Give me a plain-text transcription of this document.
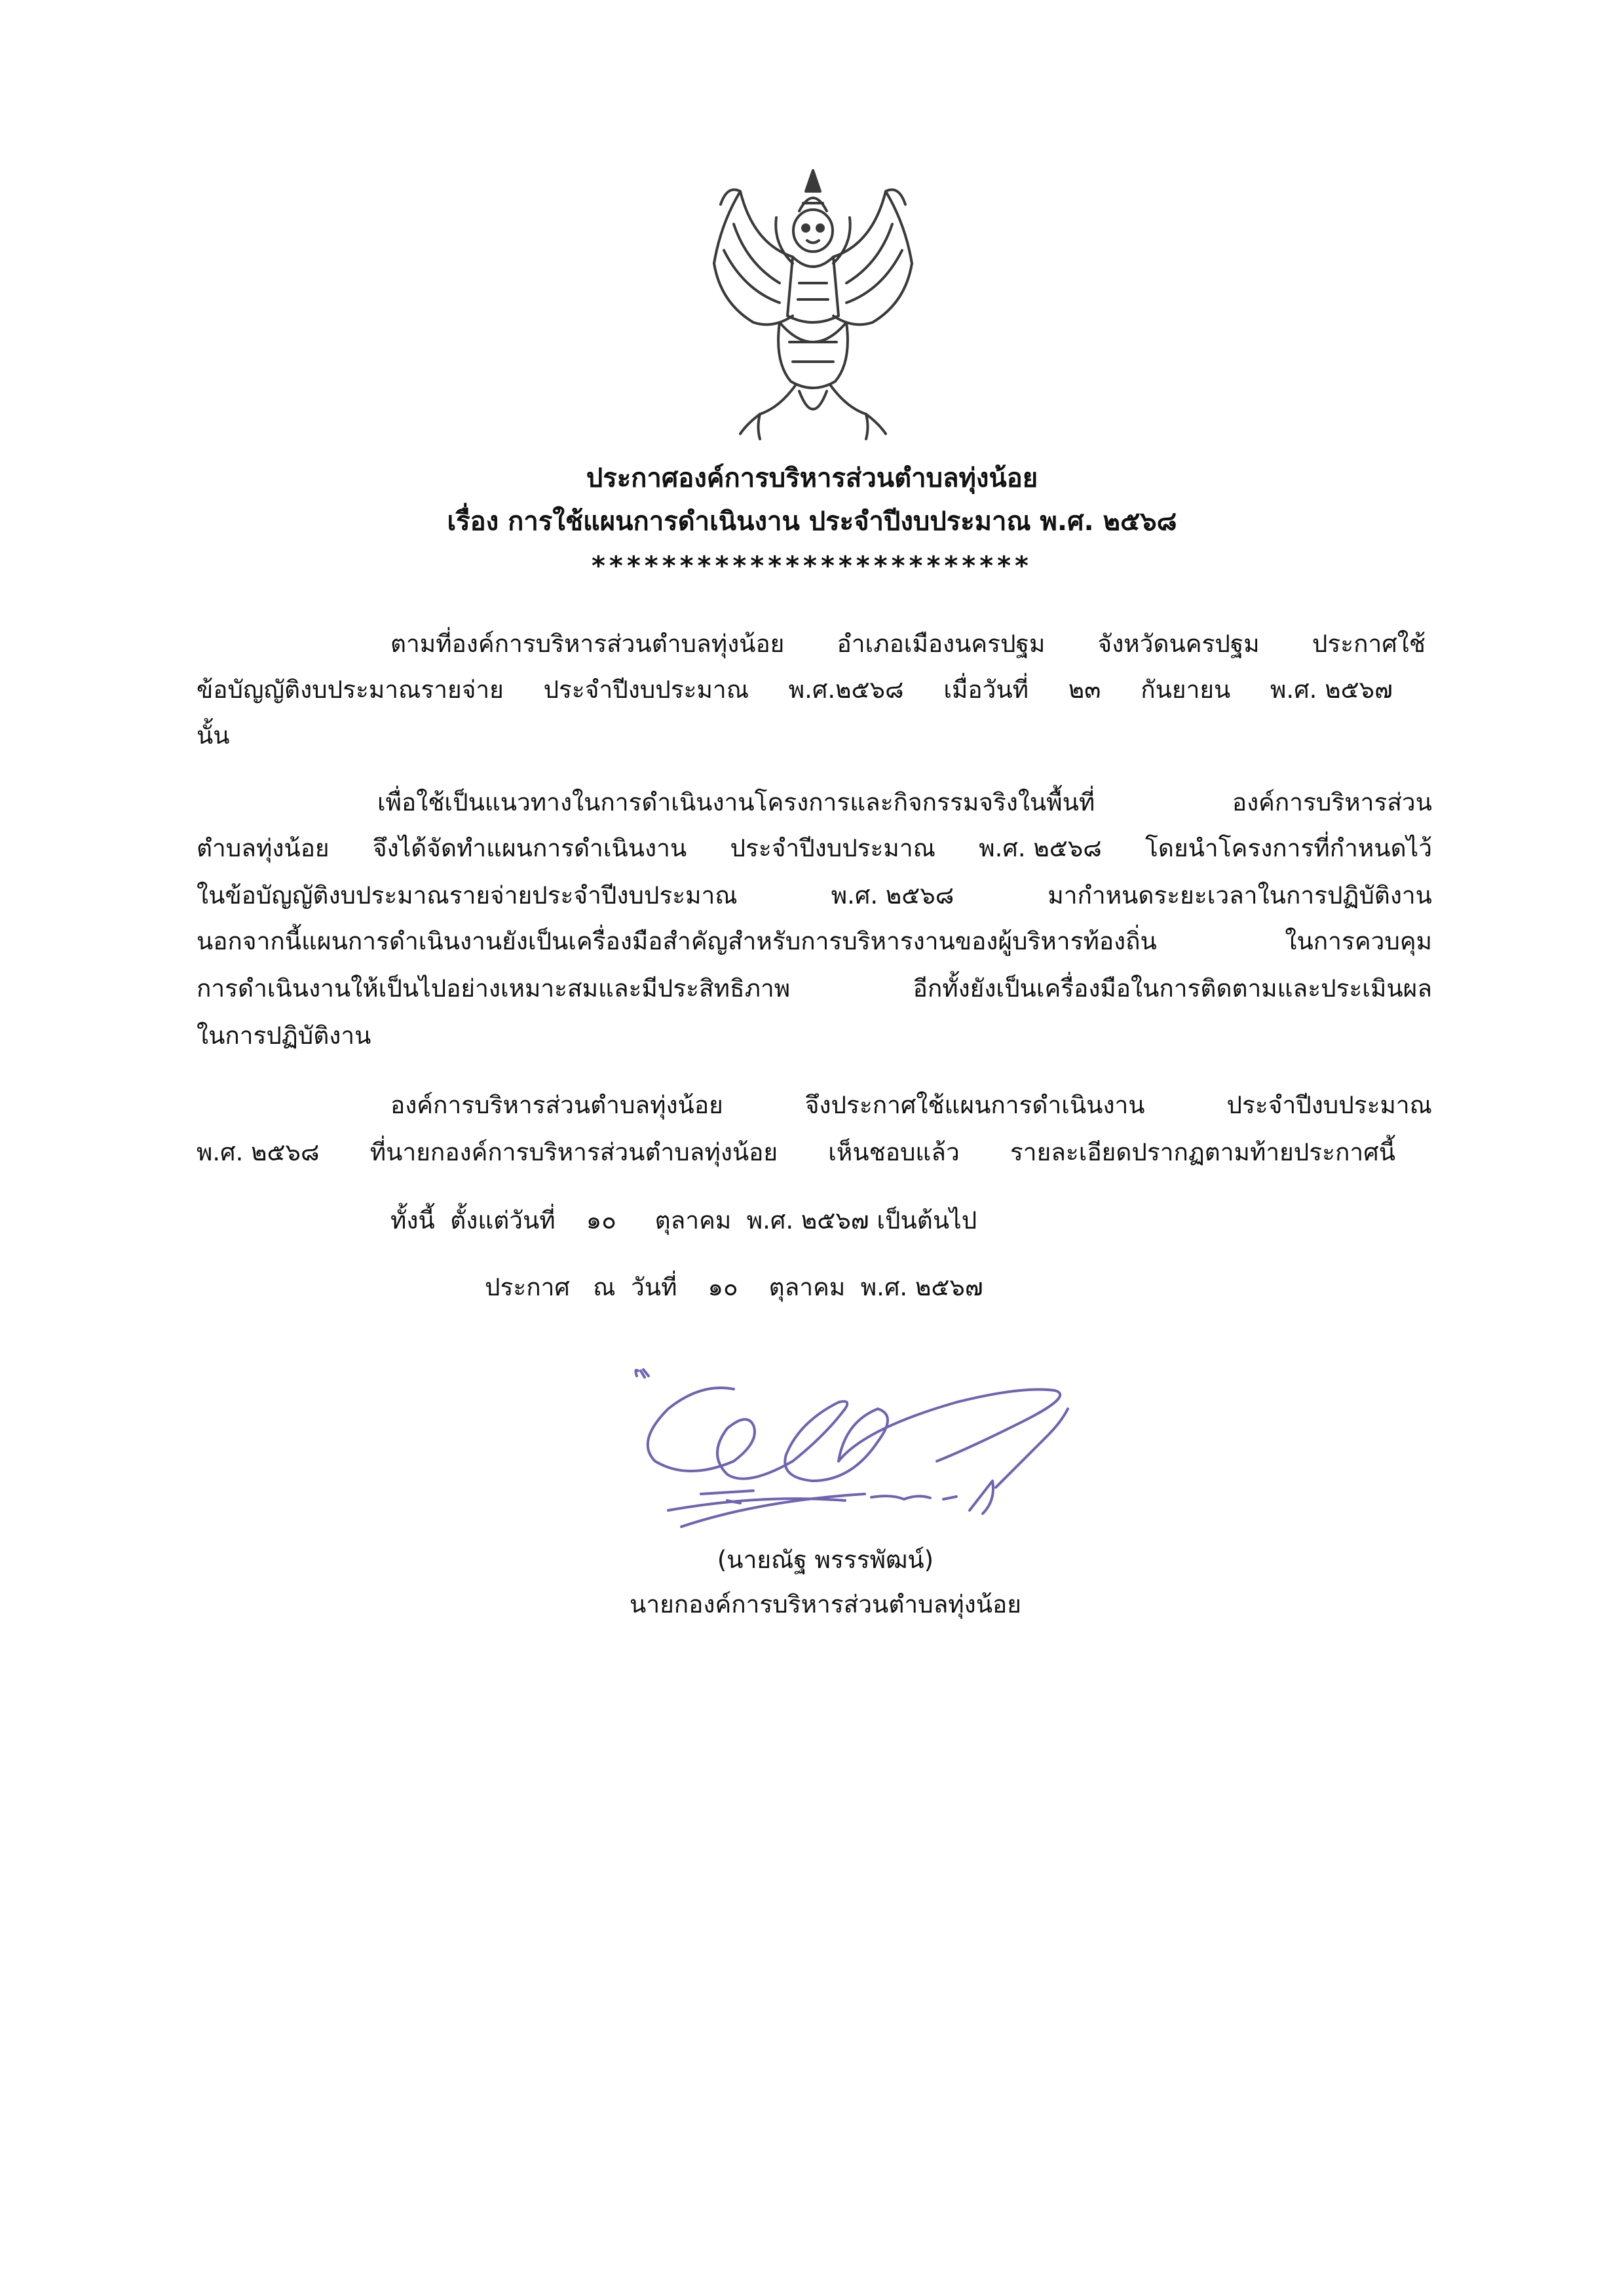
ประกาศองค์การบริหารส่วนตำบลทุ่งน้อย
เรื่อง การใช้แผนการดำเนินงาน ประจำปีงบประมาณ พ.ศ. ๒๕๖๘
*************************
ตามที่องค์การบริหารส่วนตำบลทุ่งน้อย อำเภอเมืองนครปฐม จังหวัดนครปฐม ประกาศใช้
ข้อบัญญัติงบประมาณรายจ่าย ประจำปีงบประมาณ พ.ศ.๒๕๖๘ เมื่อวันที่ ๒๓ กันยายน พ.ศ. ๒๕๖๗
นั้น
เพื่อใช้เป็นแนวทางในการดำเนินงานโครงการและกิจกรรมจริงในพื้นที่	องค์การบริหารส่วน
ตำบลทุ่งน้อย จึงได้จัดทำแผนการดำเนินงาน ประจำปีงบประมาณ พ.ศ. ๒๕๖๘ โดยนำโครงการที่กำหนดไว้
ในข้อบัญญัติงบประมาณรายจ่ายประจำปีงบประมาณ	พ.ศ. ๒๕๖๘	มากำหนดระยะเวลาในการปฏิบัติงาน
นอกจากนี้แผนการดำเนินงานยังเป็นเครื่องมือสำคัญสำหรับการบริหารงานของผู้บริหารท้องถิ่น	ในการควบคุม
การดำเนินงานให้เป็นไปอย่างเหมาะสมและมีประสิทธิภาพ	อีกทั้งยังเป็นเครื่องมือในการติดตามและประเมินผล
ในการปฏิบัติงาน
องค์การบริหารส่วนตำบลทุ่งน้อย	จึงประกาศใช้แผนการดำเนินงาน	ประจำปีงบประมาณ
พ.ศ. ๒๕๖๘ ที่นายกองค์การบริหารส่วนตำบลทุ่งน้อย เห็นชอบแล้ว รายละเอียดปรากฏตามท้ายประกาศนี้
ทั้งนี้  ตั้งแต่วันที่    ๑๐     ตุลาคม  พ.ศ. ๒๕๖๗ เป็นต้นไป
ประกาศ   ณ  วันที่    ๑๐    ตุลาคม  พ.ศ. ๒๕๖๗
(นายณัฐ พรรรพัฒน์)
นายกองค์การบริหารส่วนตำบลทุ่งน้อย
